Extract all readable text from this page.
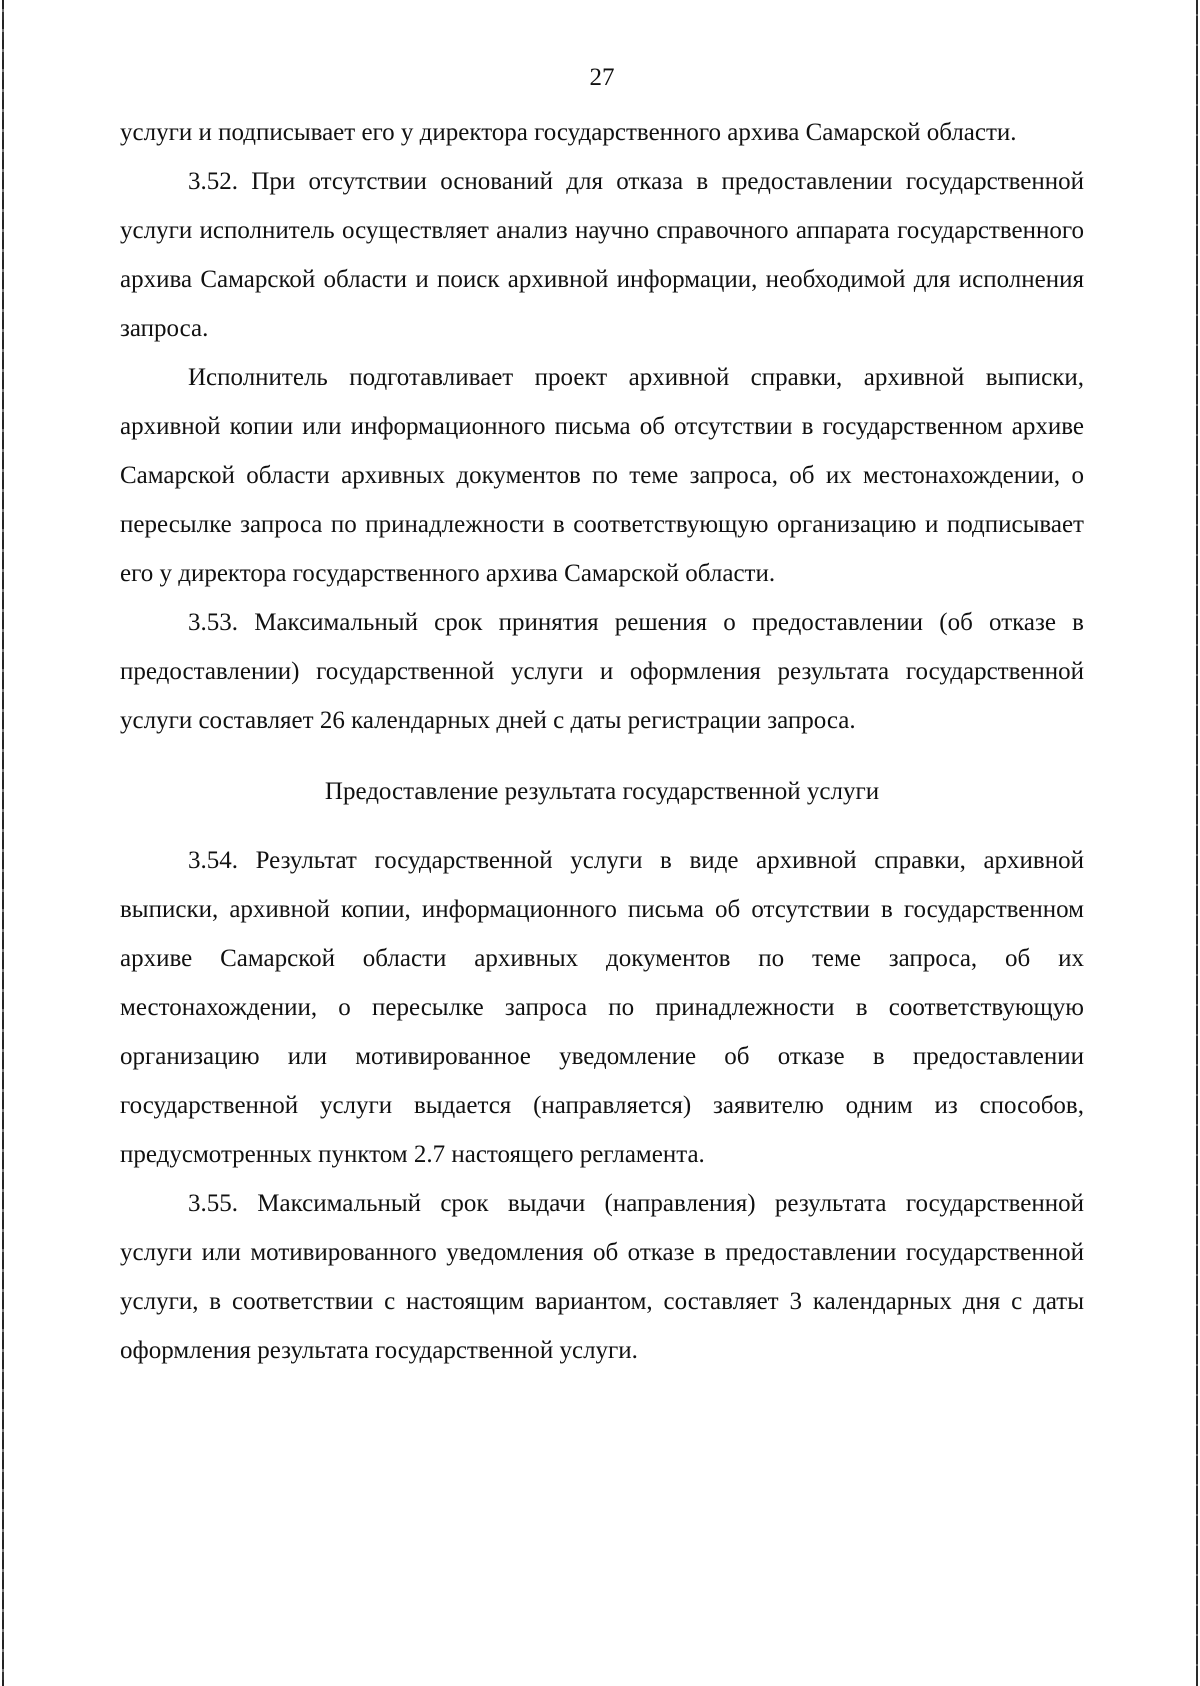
27

услуги и подписывает его у директора государственного архива Самарской области.

3.52. При отсутствии оснований для отказа в предоставлении государственной услуги исполнитель осуществляет анализ научно справочного аппарата государственного архива Самарской области и поиск архивной информации, необходимой для исполнения запроса.

Исполнитель подготавливает проект архивной справки, архивной выписки, архивной копии или информационного письма об отсутствии в государственном архиве Самарской области архивных документов по теме запроса, об их местонахождении, о пересылке запроса по принадлежности в соответствующую организацию и подписывает его у директора государственного архива Самарской области.

3.53. Максимальный срок принятия решения о предоставлении (об отказе в предоставлении) государственной услуги и оформления результата государственной услуги составляет 26 календарных дней с даты регистрации запроса.

Предоставление результата государственной услуги

3.54. Результат государственной услуги в виде архивной справки, архивной выписки, архивной копии, информационного письма об отсутствии в государственном архиве Самарской области архивных документов по теме запроса, об их местонахождении, о пересылке запроса по принадлежности в соответствующую организацию или мотивированное уведомление об отказе в предоставлении государственной услуги выдается (направляется) заявителю одним из способов, предусмотренных пунктом 2.7 настоящего регламента.

3.55. Максимальный срок выдачи (направления) результата государственной услуги или мотивированного уведомления об отказе в предоставлении государственной услуги, в соответствии с настоящим вариантом, составляет 3 календарных дня с даты оформления результата государственной услуги.
